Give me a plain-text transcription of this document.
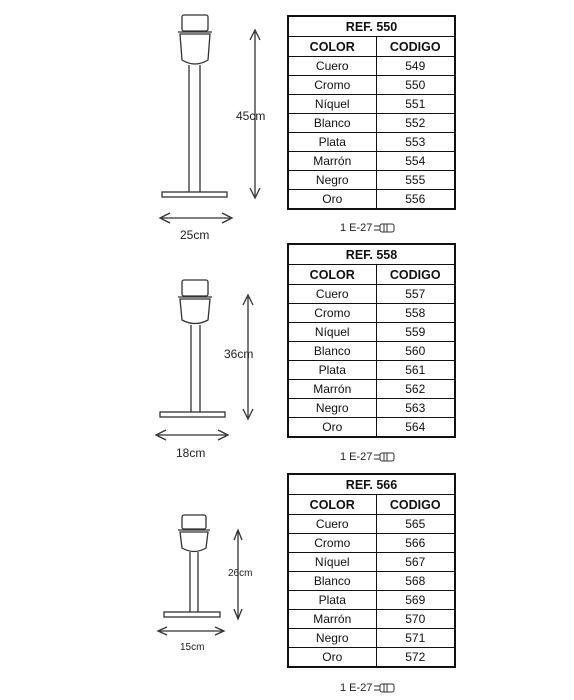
45cm
25cm
REF. 550	
COLOR	CODIGO
Cuero	549
Cromo	550
Níquel	551
Blanco	552
Plata	553
Marrón	554
Negro	555
Oro	556
1 E-27
36cm
18cm
REF. 558	
COLOR	CODIGO
Cuero	557
Cromo	558
Níquel	559
Blanco	560
Plata	561
Marrón	562
Negro	563
Oro	564
1 E-27
26cm
15cm
REF. 566	
COLOR	CODIGO
Cuero	565
Cromo	566
Níquel	567
Blanco	568
Plata	569
Marrón	570
Negro	571
Oro	572
1 E-27
